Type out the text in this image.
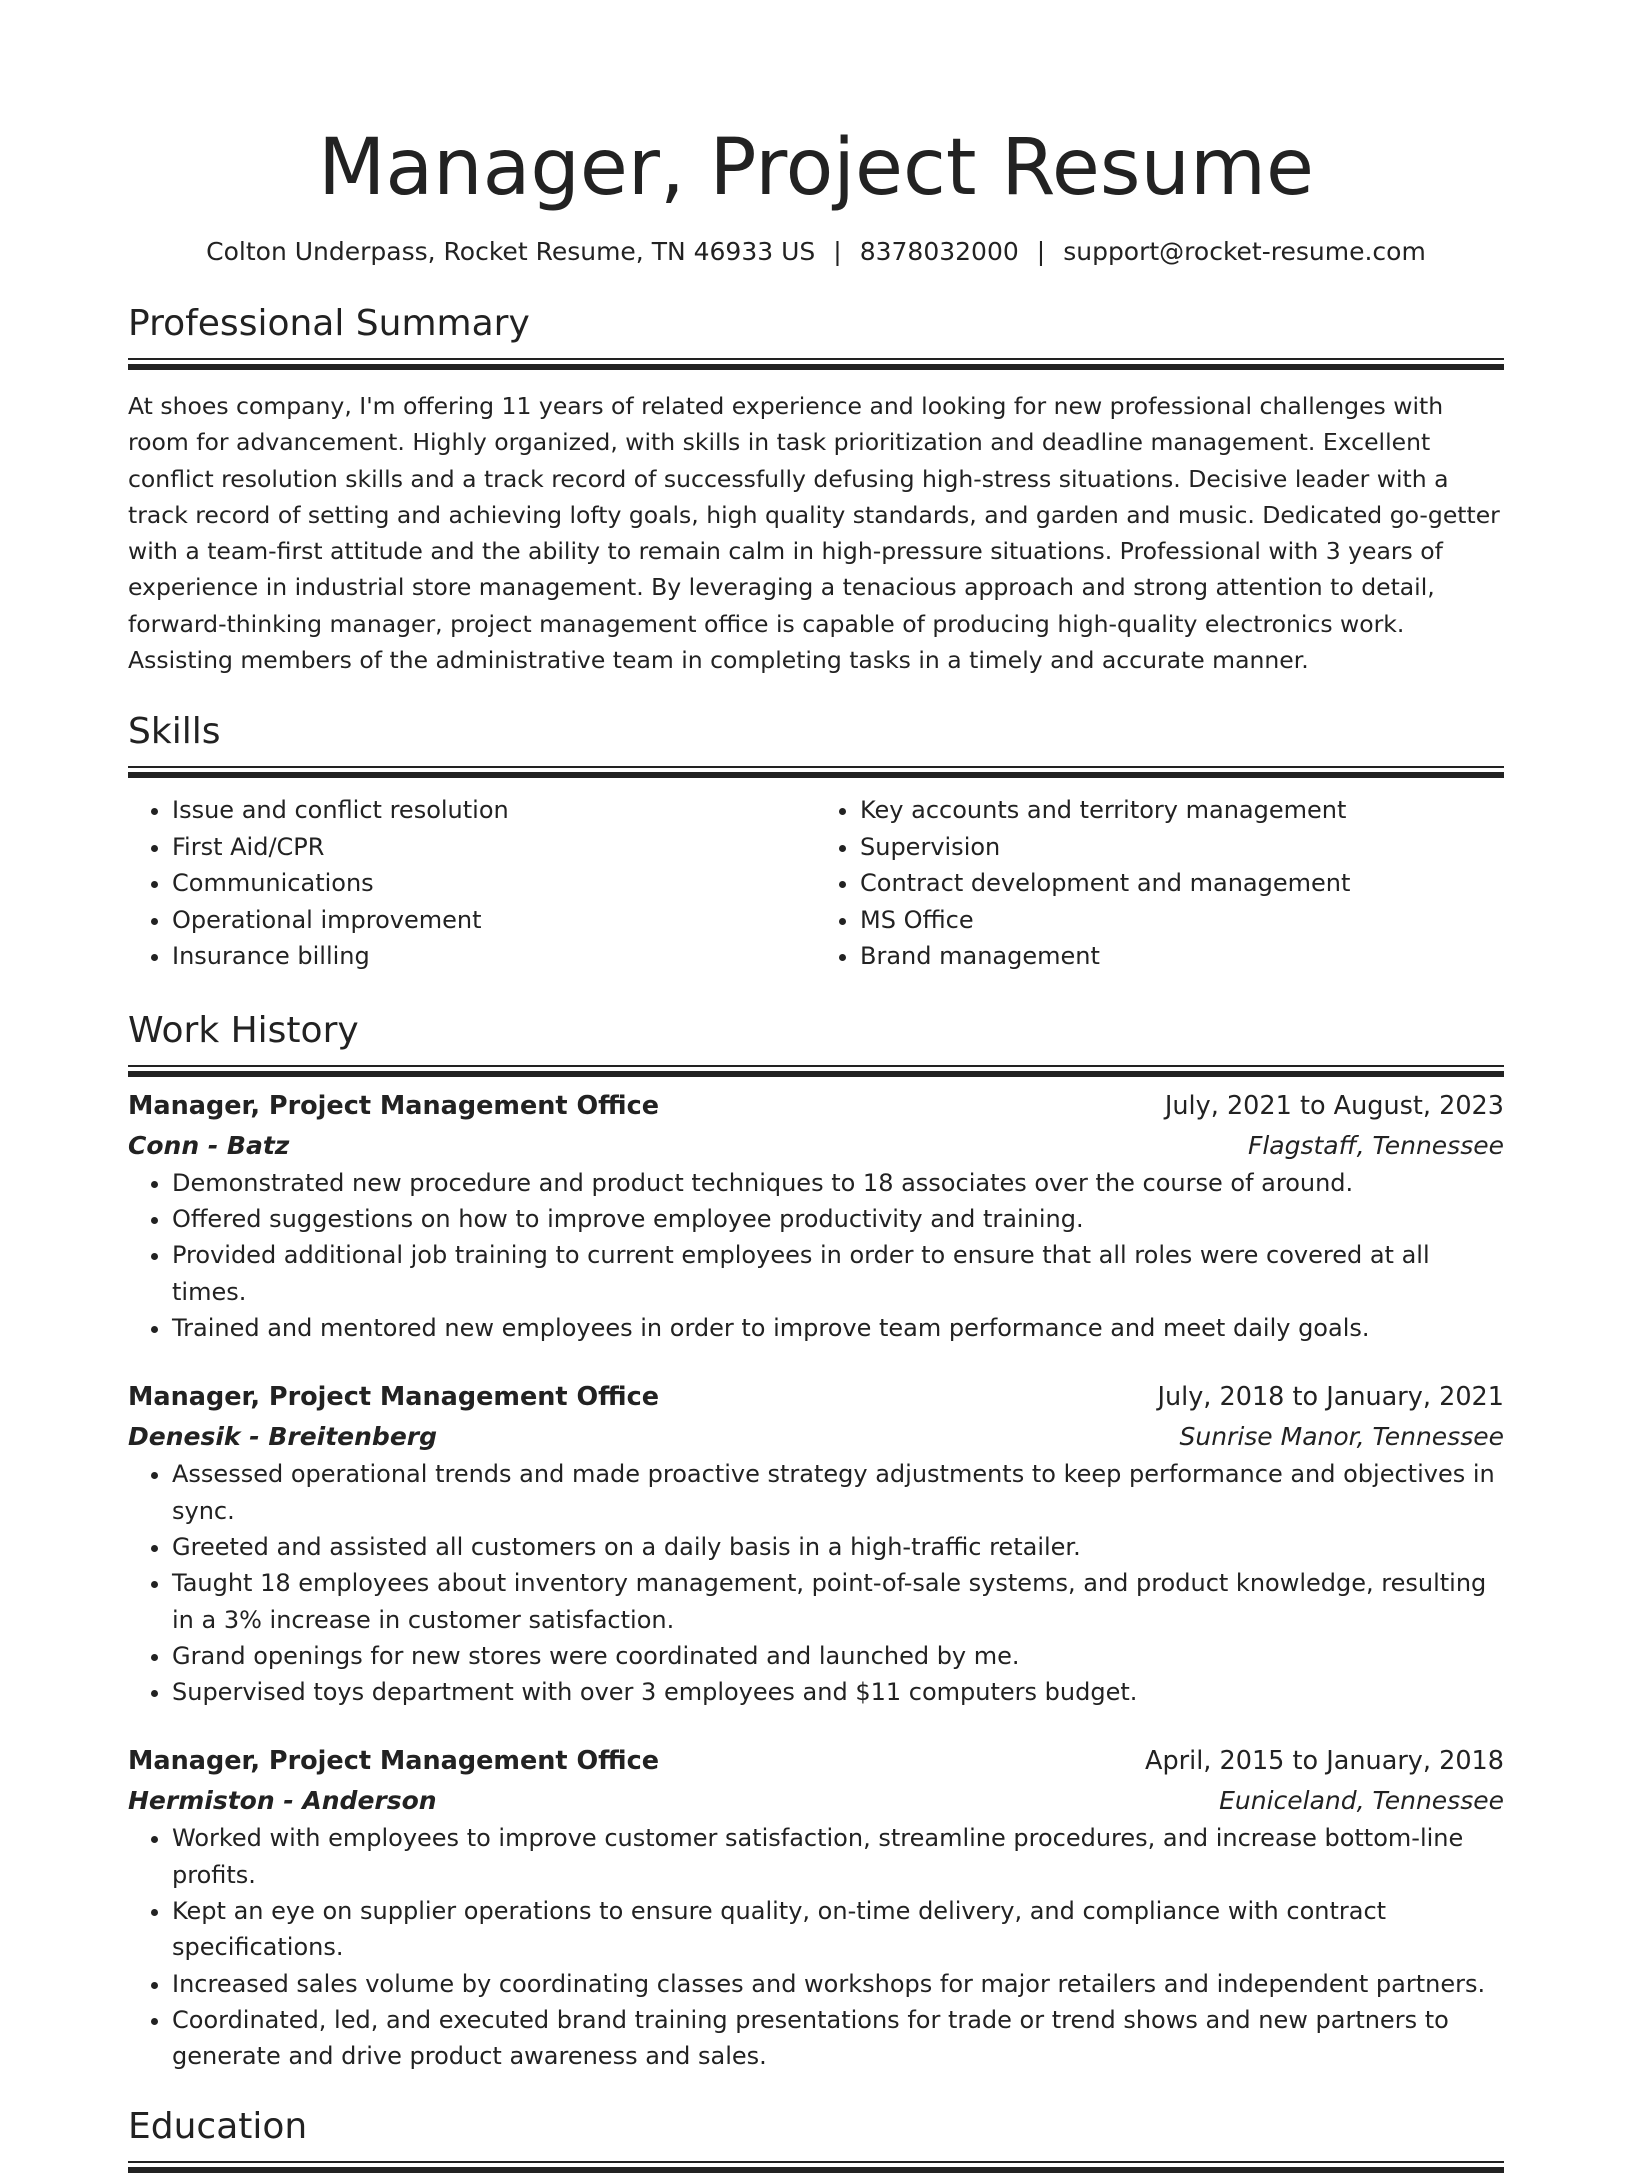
Manager, Project Resume
Colton Underpass, Rocket Resume, TN 46933 US | 8378032000 | support@rocket-resume.com
Professional Summary

At shoes company, I'm offering 11 years of related experience and looking for new professional challenges with room for advancement. Highly organized, with skills in task prioritization and deadline management. Excellent conflict resolution skills and a track record of successfully defusing high-stress situations. Decisive leader with a track record of setting and achieving lofty goals, high quality standards, and garden and music. Dedicated go-getter with a team-first attitude and the ability to remain calm in high-pressure situations. Professional with 3 years of experience in industrial store management. By leveraging a tenacious approach and strong attention to detail, forward-thinking manager, project management office is capable of producing high-quality electronics work. Assisting members of the administrative team in completing tasks in a timely and accurate manner.

Skills
• Issue and conflict resolution
• First Aid/CPR
• Communications
• Operational improvement
• Insurance billing
• Key accounts and territory management
• Supervision
• Contract development and management
• MS Office
• Brand management
Work History
Manager, Project Management Office	July, 2021 to August, 2023
Conn - Batz	Flagstaff, Tennessee
• Demonstrated new procedure and product techniques to 18 associates over the course of around.
• Offered suggestions on how to improve employee productivity and training.
• Provided additional job training to current employees in order to ensure that all roles were covered at all times.
• Trained and mentored new employees in order to improve team performance and meet daily goals.
Manager, Project Management Office	July, 2018 to January, 2021
Denesik - Breitenberg	Sunrise Manor, Tennessee
• Assessed operational trends and made proactive strategy adjustments to keep performance and objectives in sync.
• Greeted and assisted all customers on a daily basis in a high-traffic retailer.
• Taught 18 employees about inventory management, point-of-sale systems, and product knowledge, resulting in a 3% increase in customer satisfaction.
• Grand openings for new stores were coordinated and launched by me.
• Supervised toys department with over 3 employees and $11 computers budget.
Manager, Project Management Office	April, 2015 to January, 2018
Hermiston - Anderson	Euniceland, Tennessee
• Worked with employees to improve customer satisfaction, streamline procedures, and increase bottom-line profits.
• Kept an eye on supplier operations to ensure quality, on-time delivery, and compliance with contract specifications.
• Increased sales volume by coordinating classes and workshops for major retailers and independent partners.
• Coordinated, led, and executed brand training presentations for trade or trend shows and new partners to generate and drive product awareness and sales.
Education
